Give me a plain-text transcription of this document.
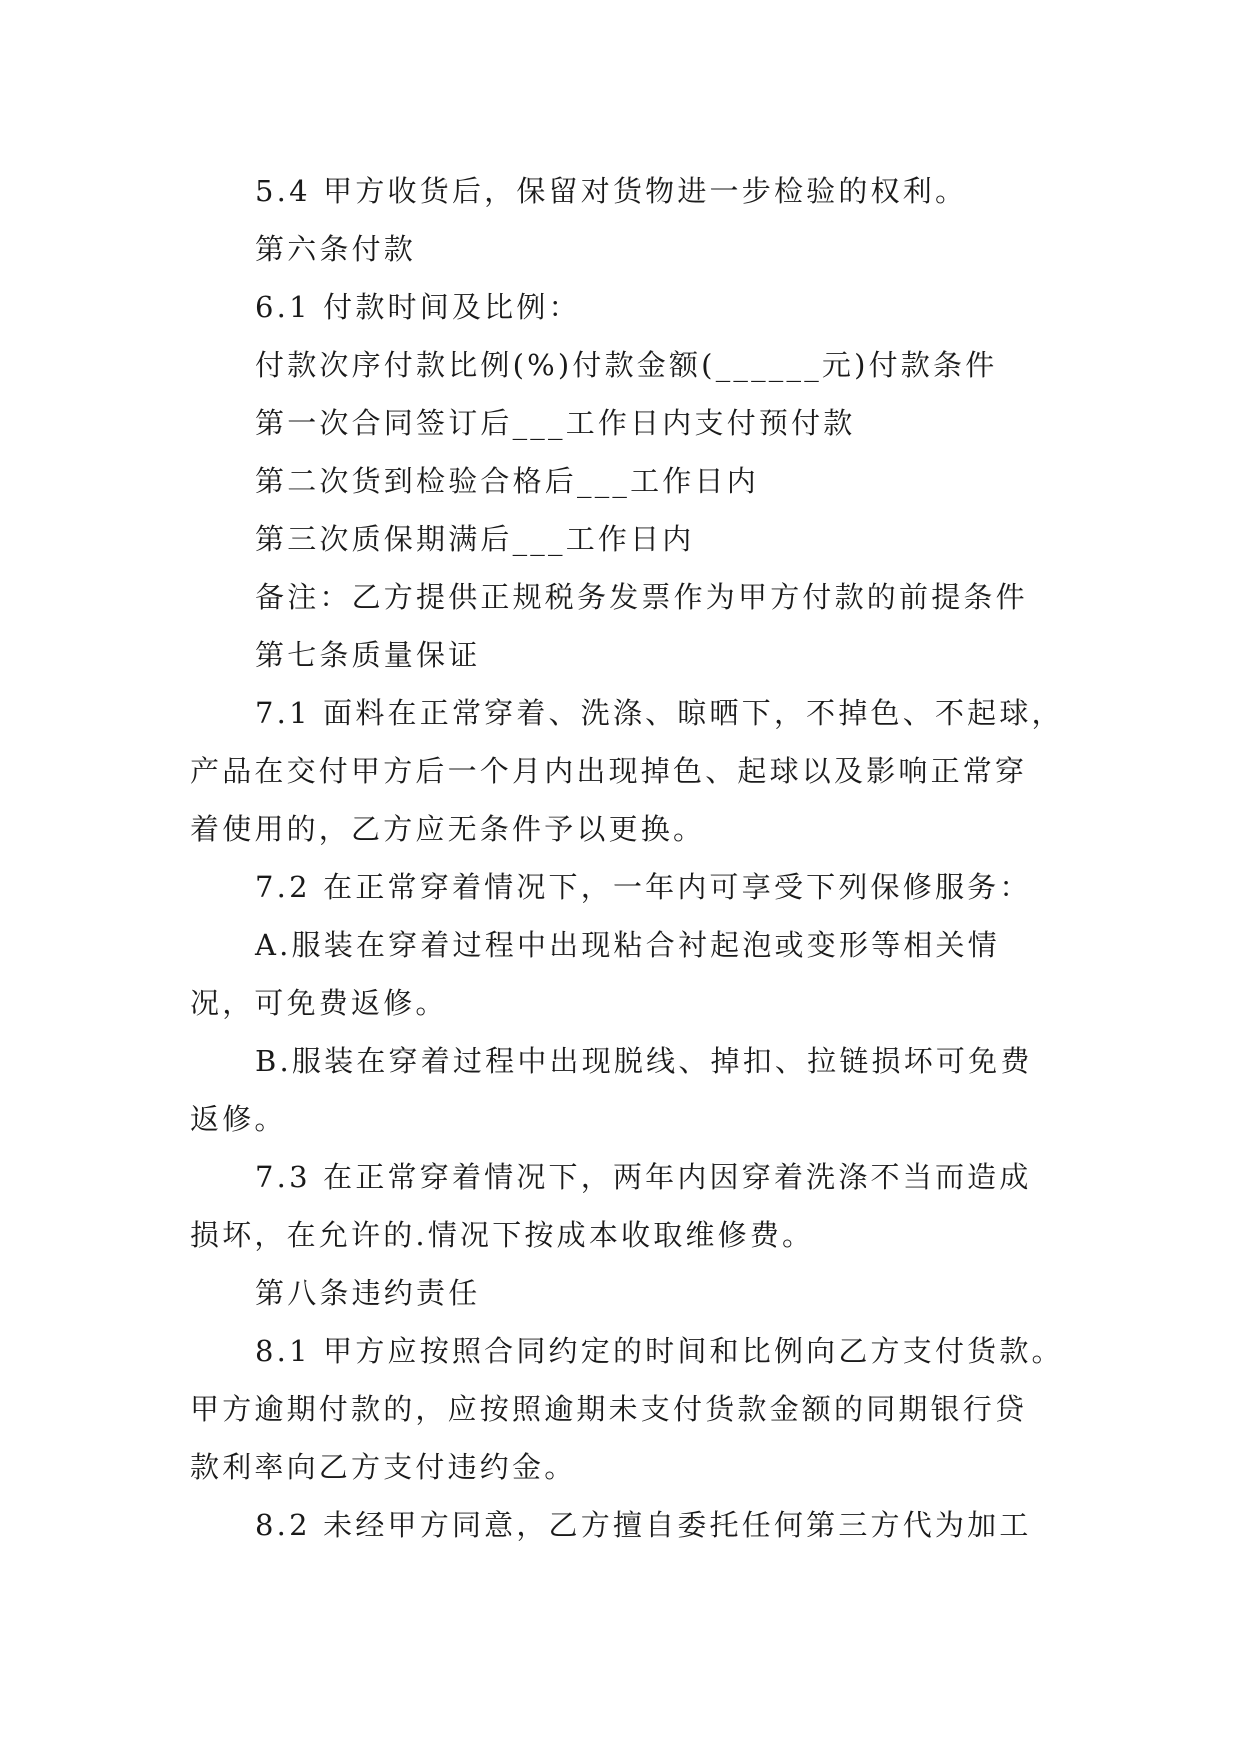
5.4 甲方收货后，保留对货物进一步检验的权利。
第六条付款
6.1 付款时间及比例：
付款次序付款比例(%)付款金额(______元)付款条件
第一次合同签订后___工作日内支付预付款
第二次货到检验合格后___工作日内
第三次质保期满后___工作日内
备注：乙方提供正规税务发票作为甲方付款的前提条件
第七条质量保证
7.1 面料在正常穿着、洗涤、晾晒下，不掉色、不起球，
产品在交付甲方后一个月内出现掉色、起球以及影响正常穿
着使用的，乙方应无条件予以更换。
7.2 在正常穿着情况下，一年内可享受下列保修服务：
A.服装在穿着过程中出现粘合衬起泡或变形等相关情
况，可免费返修。
B.服装在穿着过程中出现脱线、掉扣、拉链损坏可免费
返修。
7.3 在正常穿着情况下，两年内因穿着洗涤不当而造成
损坏，在允许的.情况下按成本收取维修费。
第八条违约责任
8.1 甲方应按照合同约定的时间和比例向乙方支付货款。
甲方逾期付款的，应按照逾期未支付货款金额的同期银行贷
款利率向乙方支付违约金。
8.2 未经甲方同意，乙方擅自委托任何第三方代为加工
